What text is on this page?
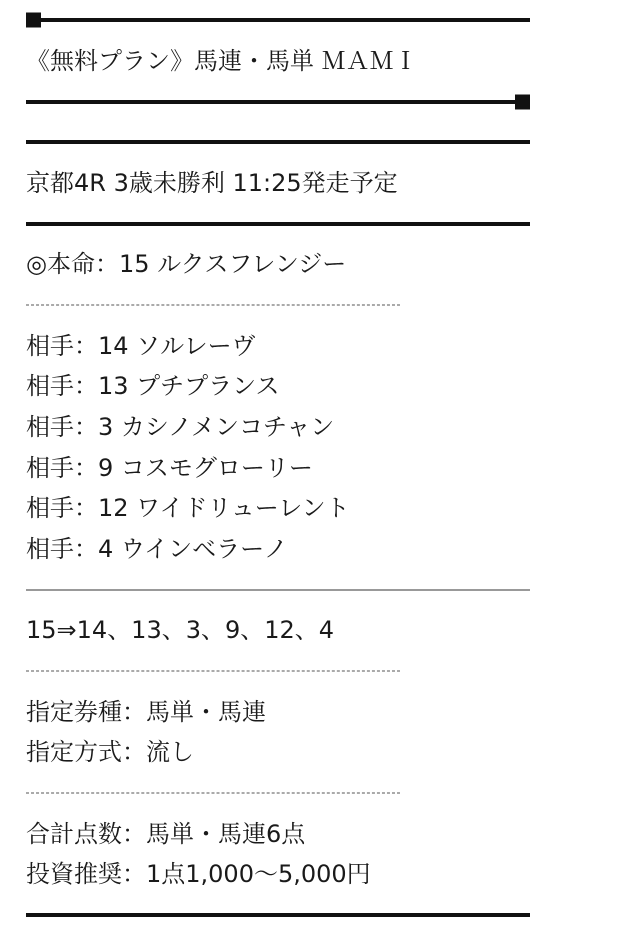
《無料プラン》馬連・馬単 ＭＡＭＩ
京都4R 3歳未勝利 11:25発走予定
◎本命：15 ルクスフレンジー
相手：14 ソルレーヴ
相手：13 プチプランス
相手：3 カシノメンコチャン
相手：9 コスモグローリー
相手：12 ワイドリューレント
相手：4 ウインベラーノ
15⇒14、13、3、9、12、4
指定券種：馬単・馬連
指定方式：流し
合計点数：馬単・馬連6点
投資推奨：1点1,000〜5,000円
